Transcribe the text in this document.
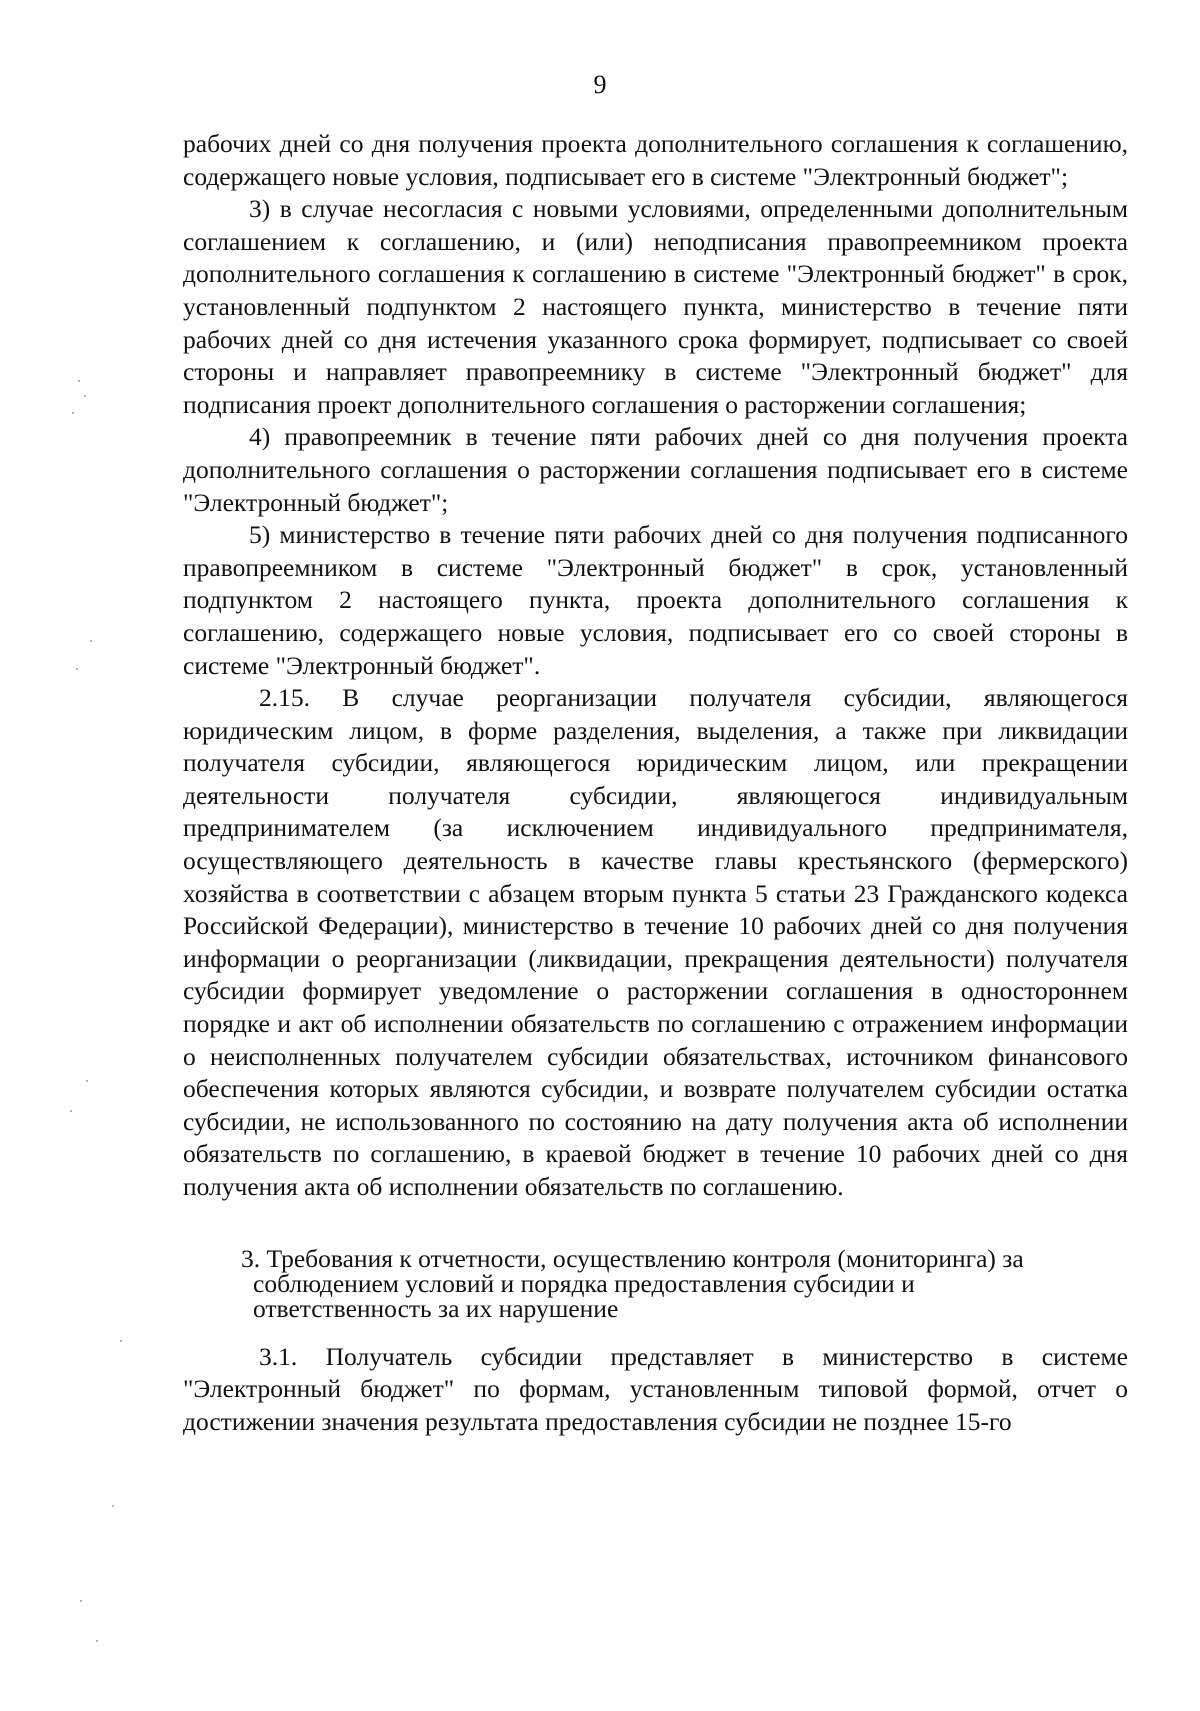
9

рабочих дней со дня получения проекта дополнительного соглашения к соглашению, содержащего новые условия, подписывает его в системе "Электронный бюджет";

3) в случае несогласия с новыми условиями, определенными дополнительным соглашением к соглашению, и (или) неподписания правопреемником проекта дополнительного соглашения к соглашению в системе "Электронный бюджет" в срок, установленный подпунктом 2 настоящего пункта, министерство в течение пяти рабочих дней со дня истечения указанного срока формирует, подписывает со своей стороны и направляет правопреемнику в системе "Электронный бюджет" для подписания проект дополнительного соглашения о расторжении соглашения;

4) правопреемник в течение пяти рабочих дней со дня получения проекта дополнительного соглашения о расторжении соглашения подписывает его в системе "Электронный бюджет";

5) министерство в течение пяти рабочих дней со дня получения подписанного правопреемником в системе "Электронный бюджет" в срок, установленный подпунктом 2 настоящего пункта, проекта дополнительного соглашения к соглашению, содержащего новые условия, подписывает его со своей стороны в системе "Электронный бюджет".

2.15. В случае реорганизации получателя субсидии, являющегося юридическим лицом, в форме разделения, выделения, а также при ликвидации получателя субсидии, являющегося юридическим лицом, или прекращении деятельности получателя субсидии, являющегося индивидуальным предпринимателем (за исключением индивидуального предпринимателя, осуществляющего деятельность в качестве главы крестьянского (фермерского) хозяйства в соответствии с абзацем вторым пункта 5 статьи 23 Гражданского кодекса Российской Федерации), министерство в течение 10 рабочих дней со дня получения информации о реорганизации (ликвидации, прекращения деятельности) получателя субсидии формирует уведомление о расторжении соглашения в одностороннем порядке и акт об исполнении обязательств по соглашению с отражением информации о неисполненных получателем субсидии обязательствах, источником финансового обеспечения которых являются субсидии, и возврате получателем субсидии остатка субсидии, не использованного по состоянию на дату получения акта об исполнении обязательств по соглашению, в краевой бюджет в течение 10 рабочих дней со дня получения акта об исполнении обязательств по соглашению.

3. Требования к отчетности, осуществлению контроля (мониторинга) за
соблюдением условий и порядка предоставления субсидии и
ответственность за их нарушение

3.1. Получатель субсидии представляет в министерство в системе "Электронный бюджет" по формам, установленным типовой формой, отчет о достижении значения результата предоставления субсидии не позднее 15-го
